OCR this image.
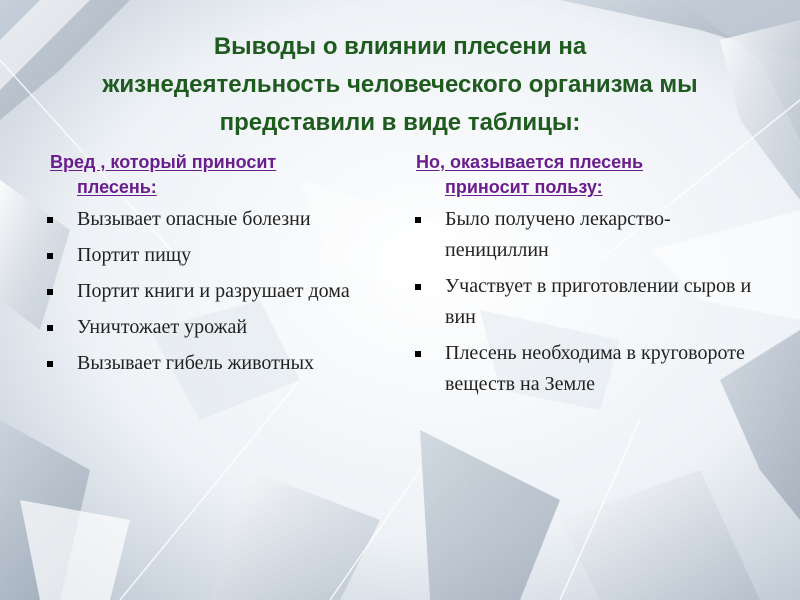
Выводы о влиянии плесени на
жизнедеятельность человеческого организма мы
представили в виде таблицы:
Вред , который приносит
плесень:
Вызывает опасные болезни
Портит пищу
Портит книги и разрушает дома
Уничтожает урожай
Вызывает гибель животных
Но, оказывается плесень
приносит пользу:
Было получено лекарство-пенициллин
Участвует в приготовлении сыров и вин
Плесень необходима в круговороте веществ на Земле
